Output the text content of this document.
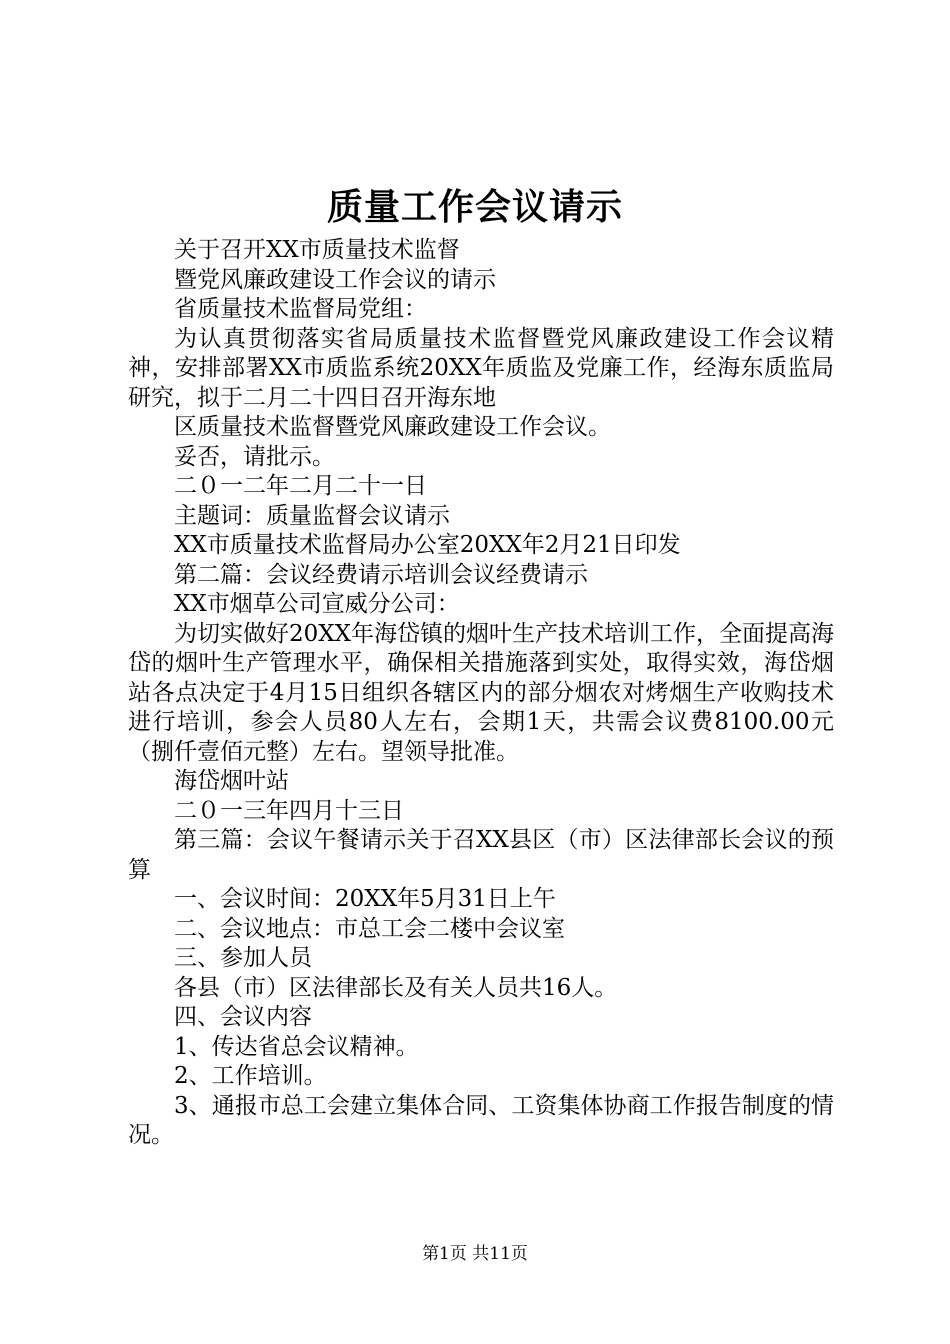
质量工作会议请示

关于召开XX市质量技术监督

暨党风廉政建设工作会议的请示

省质量技术监督局党组：

为认真贯彻落实省局质量技术监督暨党风廉政建设工作会议精神，安排部署XX市质监系统20XX年质监及党廉工作，经海东质监局研究，拟于二月二十四日召开海东地

区质量技术监督暨党风廉政建设工作会议。

妥否，请批示。

二０一二年二月二十一日

主题词：质量监督会议请示

XX市质量技术监督局办公室20XX年2月21日印发

第二篇：会议经费请示培训会议经费请示

XX市烟草公司宣威分公司：

为切实做好20XX年海岱镇的烟叶生产技术培训工作，全面提高海岱的烟叶生产管理水平，确保相关措施落到实处，取得实效，海岱烟站各点决定于4月15日组织各辖区内的部分烟农对烤烟生产收购技术进行培训，参会人员80人左右，会期1天，共需会议费8100.00元（捌仟壹佰元整）左右。望领导批准。

海岱烟叶站

二０一三年四月十三日

第三篇：会议午餐请示关于召XX县区（市）区法律部长会议的预算

一、会议时间：20XX年5月31日上午

二、会议地点：市总工会二楼中会议室

三、参加人员

各县（市）区法律部长及有关人员共16人。

四、会议内容

1、传达省总会议精神。

2、工作培训。

3、通报市总工会建立集体合同、工资集体协商工作报告制度的情况。

第1页 共11页
